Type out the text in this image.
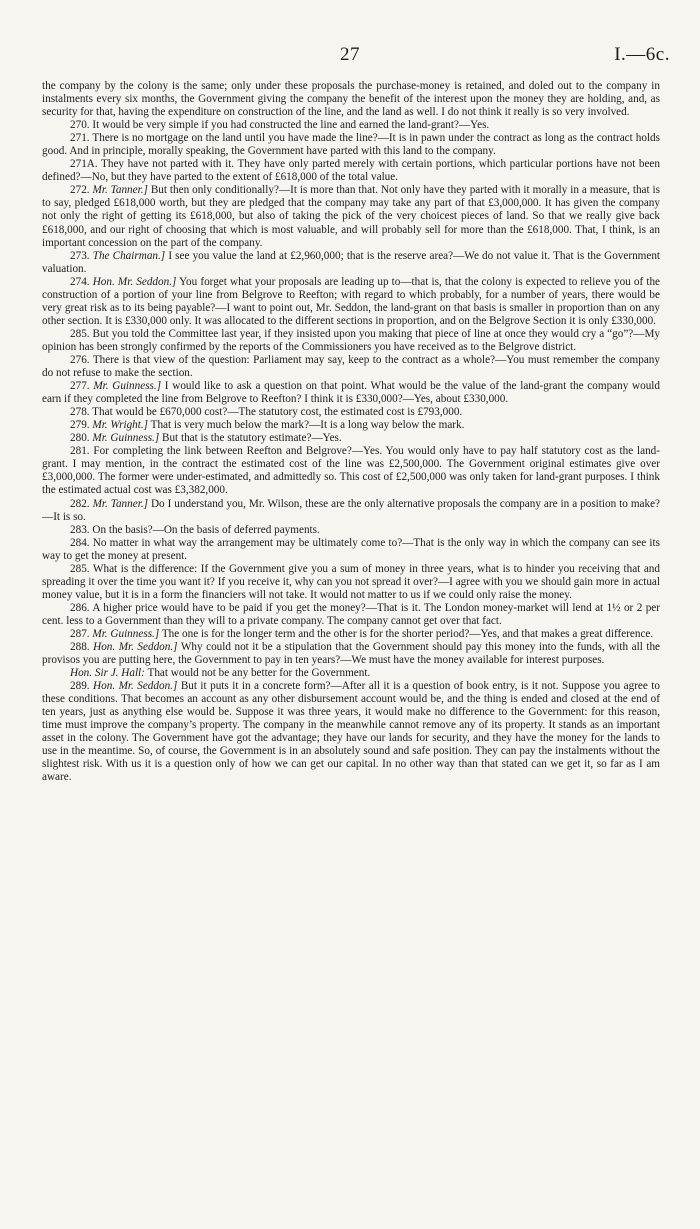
27	I.—6c.

the company by the colony is the same; only under these proposals the purchase-money is retained, and doled out to the company in instalments every six months, the Government giving the company the benefit of the interest upon the money they are holding, and, as security for that, having the expenditure on construction of the line, and the land as well. I do not think it really is so very involved.

270. It would be very simple if you had constructed the line and earned the land-grant?—Yes.

271. There is no mortgage on the land until you have made the line?—It is in pawn under the contract as long as the contract holds good. And in principle, morally speaking, the Government have parted with this land to the company.

271A. They have not parted with it. They have only parted merely with certain portions, which particular portions have not been defined?—No, but they have parted to the extent of £618,000 of the total value.

272. Mr. Tanner.] But then only conditionally?—It is more than that. Not only have they parted with it morally in a measure, that is to say, pledged £618,000 worth, but they are pledged that the company may take any part of that £3,000,000. It has given the company not only the right of getting its £618,000, but also of taking the pick of the very choicest pieces of land. So that we really give back £618,000, and our right of choosing that which is most valuable, and will probably sell for more than the £618,000. That, I think, is an important concession on the part of the company.

273. The Chairman.] I see you value the land at £2,960,000; that is the reserve area?—We do not value it. That is the Government valuation.

274. Hon. Mr. Seddon.] You forget what your proposals are leading up to—that is, that the colony is expected to relieve you of the construction of a portion of your line from Belgrove to Reefton; with regard to which probably, for a number of years, there would be very great risk as to its being payable?—I want to point out, Mr. Seddon, the land-grant on that basis is smaller in proportion than on any other section. It is £330,000 only. It was allocated to the different sections in proportion, and on the Belgrove Section it is only £330,000.

285. But you told the Committee last year, if they insisted upon you making that piece of line at once they would cry a “go”?—My opinion has been strongly confirmed by the reports of the Commissioners you have received as to the Belgrove district.

276. There is that view of the question: Parliament may say, keep to the contract as a whole?—You must remember the company do not refuse to make the section.

277. Mr. Guinness.] I would like to ask a question on that point. What would be the value of the land-grant the company would earn if they completed the line from Belgrove to Reefton? I think it is £330,000?—Yes, about £330,000.

278. That would be £670,000 cost?—The statutory cost, the estimated cost is £793,000.

279. Mr. Wright.] That is very much below the mark?—It is a long way below the mark.

280. Mr. Guinness.] But that is the statutory estimate?—Yes.

281. For completing the link between Reefton and Belgrove?—Yes. You would only have to pay half statutory cost as the land-grant. I may mention, in the contract the estimated cost of the line was £2,500,000. The Government original estimates give over £3,000,000. The former were under-estimated, and admittedly so. This cost of £2,500,000 was only taken for land-grant purposes. I think the estimated actual cost was £3,382,000.

282. Mr. Tanner.] Do I understand you, Mr. Wilson, these are the only alternative proposals the company are in a position to make?—It is so.

283. On the basis?—On the basis of deferred payments.

284. No matter in what way the arrangement may be ultimately come to?—That is the only way in which the company can see its way to get the money at present.

285. What is the difference: If the Government give you a sum of money in three years, what is to hinder you receiving that and spreading it over the time you want it? If you receive it, why can you not spread it over?—I agree with you we should gain more in actual money value, but it is in a form the financiers will not take. It would not matter to us if we could only raise the money.

286. A higher price would have to be paid if you get the money?—That is it. The London money-market will lend at 1½ or 2 per cent. less to a Government than they will to a private company. The company cannot get over that fact.

287. Mr. Guinness.] The one is for the longer term and the other is for the shorter period?—Yes, and that makes a great difference.

288. Hon. Mr. Seddon.] Why could not it be a stipulation that the Government should pay this money into the funds, with all the provisos you are putting here, the Government to pay in ten years?—We must have the money available for interest purposes.

Hon. Sir J. Hall: That would not be any better for the Government.

289. Hon. Mr. Seddon.] But it puts it in a concrete form?—After all it is a question of book entry, is it not. Suppose you agree to these conditions. That becomes an account as any other disbursement account would be, and the thing is ended and closed at the end of ten years, just as anything else would be. Suppose it was three years, it would make no difference to the Government: for this reason, time must improve the company’s property. The company in the meanwhile cannot remove any of its property. It stands as an important asset in the colony. The Government have got the advantage; they have our lands for security, and they have the money for the lands to use in the meantime. So, of course, the Government is in an absolutely sound and safe position. They can pay the instalments without the slightest risk. With us it is a question only of how we can get our capital. In no other way than that stated can we get it, so far as I am aware.
